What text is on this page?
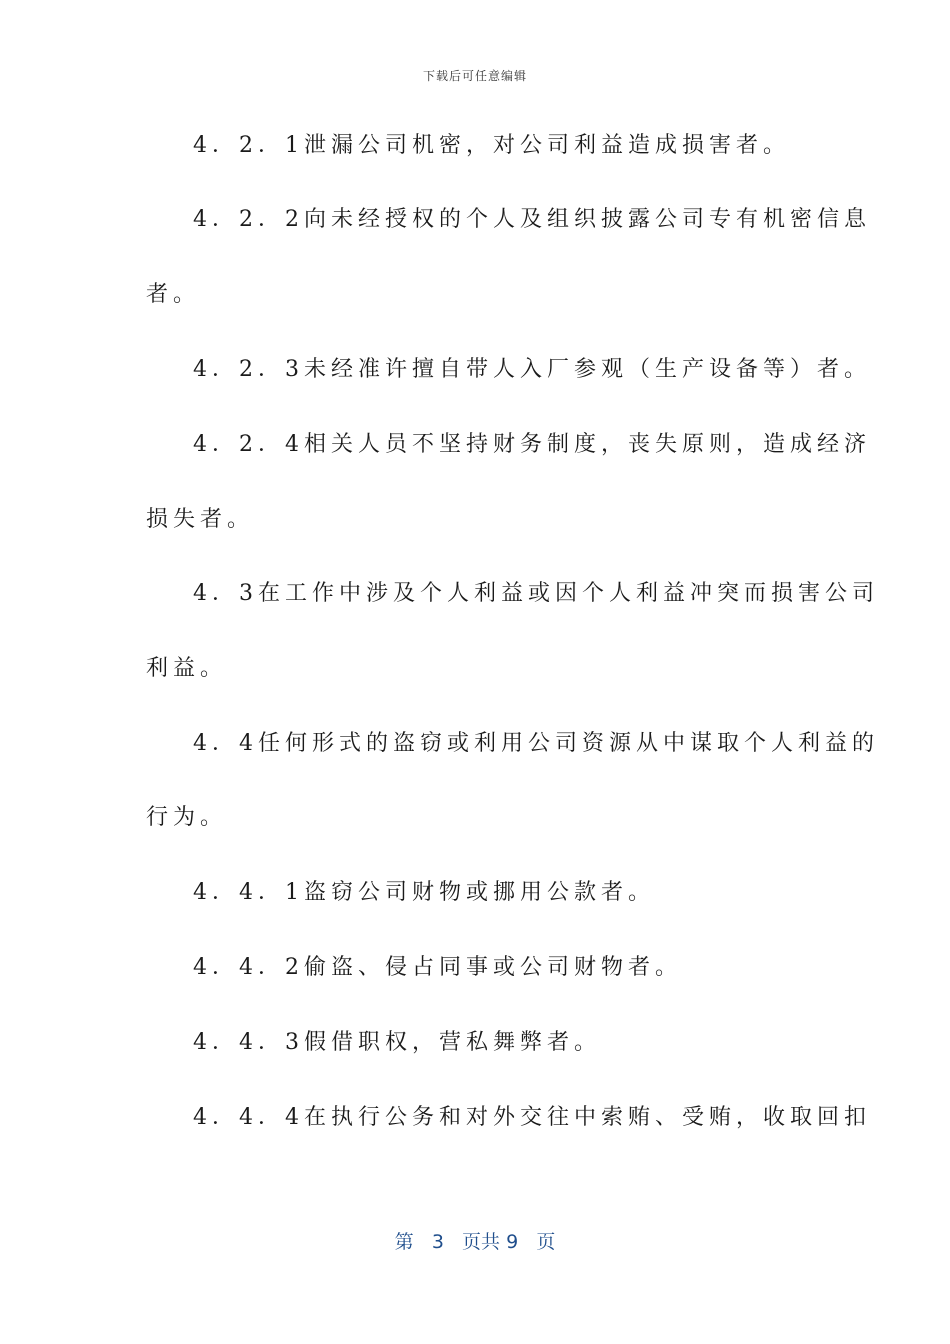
下载后可任意编辑
4．2．1泄漏公司机密，对公司利益造成损害者。
4．2．2向未经授权的个人及组织披露公司专有机密信息
者。
4．2．3未经准许擅自带人入厂参观（生产设备等）者。
4．2．4相关人员不坚持财务制度，丧失原则，造成经济
损失者。
4．3在工作中涉及个人利益或因个人利益冲突而损害公司
利益。
4．4任何形式的盗窃或利用公司资源从中谋取个人利益的
行为。
4．4．1盗窃公司财物或挪用公款者。
4．4．2偷盗、侵占同事或公司财物者。
4．4．3假借职权，营私舞弊者。
4．4．4在执行公务和对外交往中索贿、受贿，收取回扣
第 3 页共 9 页
